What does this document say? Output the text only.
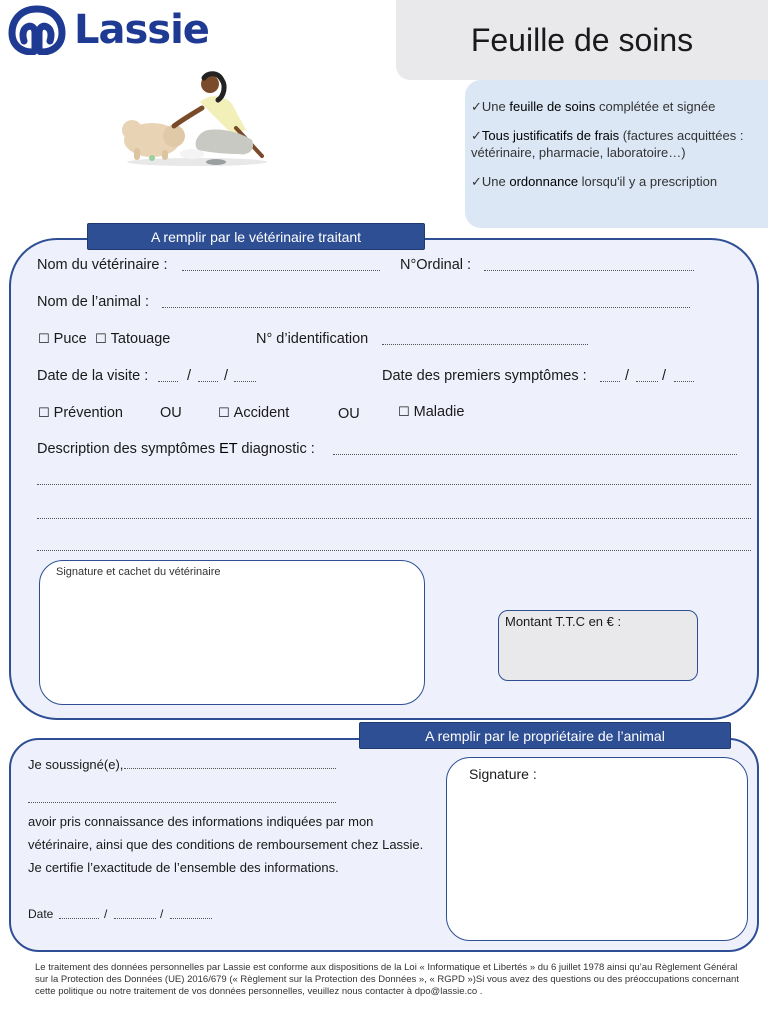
Lassie	Feuille de soins

✓Une feuille de soins complétée et signée

✓Tous justificatifs de frais (factures acquittées : vétérinaire, pharmacie, laboratoire…)

✓Une ordonnance lorsqu'il y a prescription

A remplir par le vétérinaire traitant
Nom du vétérinaire :	N°Ordinal :
Nom de l’animal :
☐ Puce ☐ Tatouage	N° d’identification
Date de la visite :	/ /	Date des premiers symptômes :	/ /
☐ Prévention	OU	☐ Accident	OU	☐ Maladie
Description des symptômes ET diagnostic :
Signature et cachet du vétérinaire
Montant T.T.C en € :
A remplir par le propriétaire de l’animal
Je soussigné(e),
avoir pris connaissance des informations indiquées par mon vétérinaire, ainsi que des conditions de remboursement chez Lassie. Je certifie l’exactitude de l’ensemble des informations.
Date	/	/
Signature :
Le traitement des données personnelles par Lassie est conforme aux dispositions de la Loi « Informatique et Libertés » du 6 juillet 1978 ainsi qu’au Règlement Général sur la Protection des Données (UE) 2016/679 (« Règlement sur la Protection des Données », « RGPD »)Si vous avez des questions ou des préoccupations concernant cette politique ou notre traitement de vos données personnelles, veuillez nous contacter à dpo@lassie.co .
